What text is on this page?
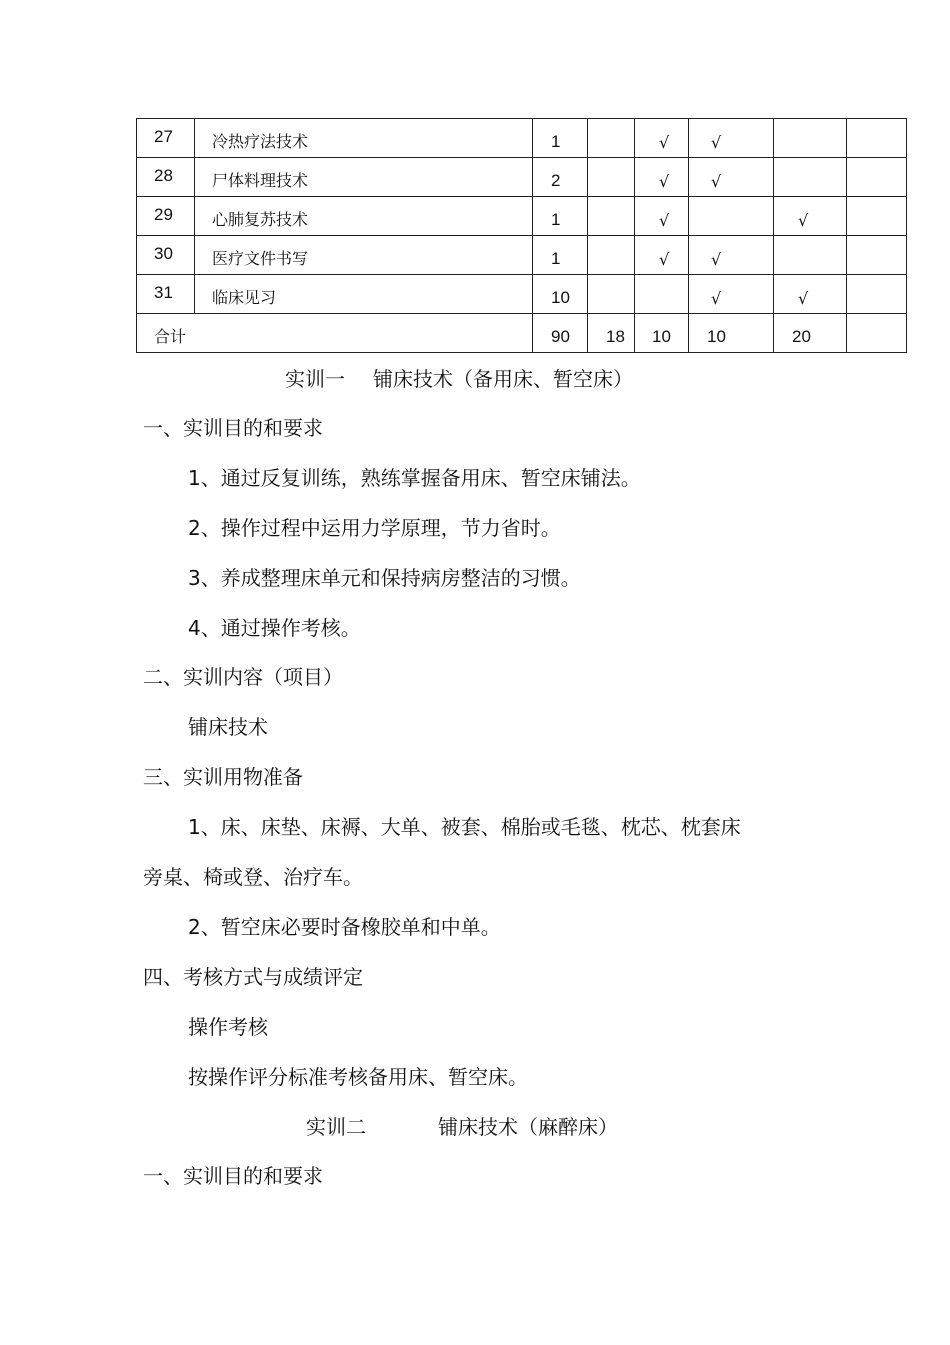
27	冷热疗法技术	1		√	√		
28	尸体料理技术	2		√	√		
29	心肺复苏技术	1		√		√	
30	医疗文件书写	1		√	√		
31	临床见习	10			√	√	
合计		90	18	10	10	20	
实训一 铺床技术（备用床、暂空床）
一、实训目的和要求
1、通过反复训练，熟练掌握备用床、暂空床铺法。
2、操作过程中运用力学原理，节力省时。
3、养成整理床单元和保持病房整洁的习惯。
4、通过操作考核。
二、实训内容（项目）
铺床技术
三、实训用物准备
1、床、床垫、床褥、大单、被套、棉胎或毛毯、枕芯、枕套床
旁桌、椅或登、治疗车。
2、暂空床必要时备橡胶单和中单。
四、考核方式与成绩评定
操作考核
按操作评分标准考核备用床、暂空床。
实训二	铺床技术（麻醉床）
一、实训目的和要求
